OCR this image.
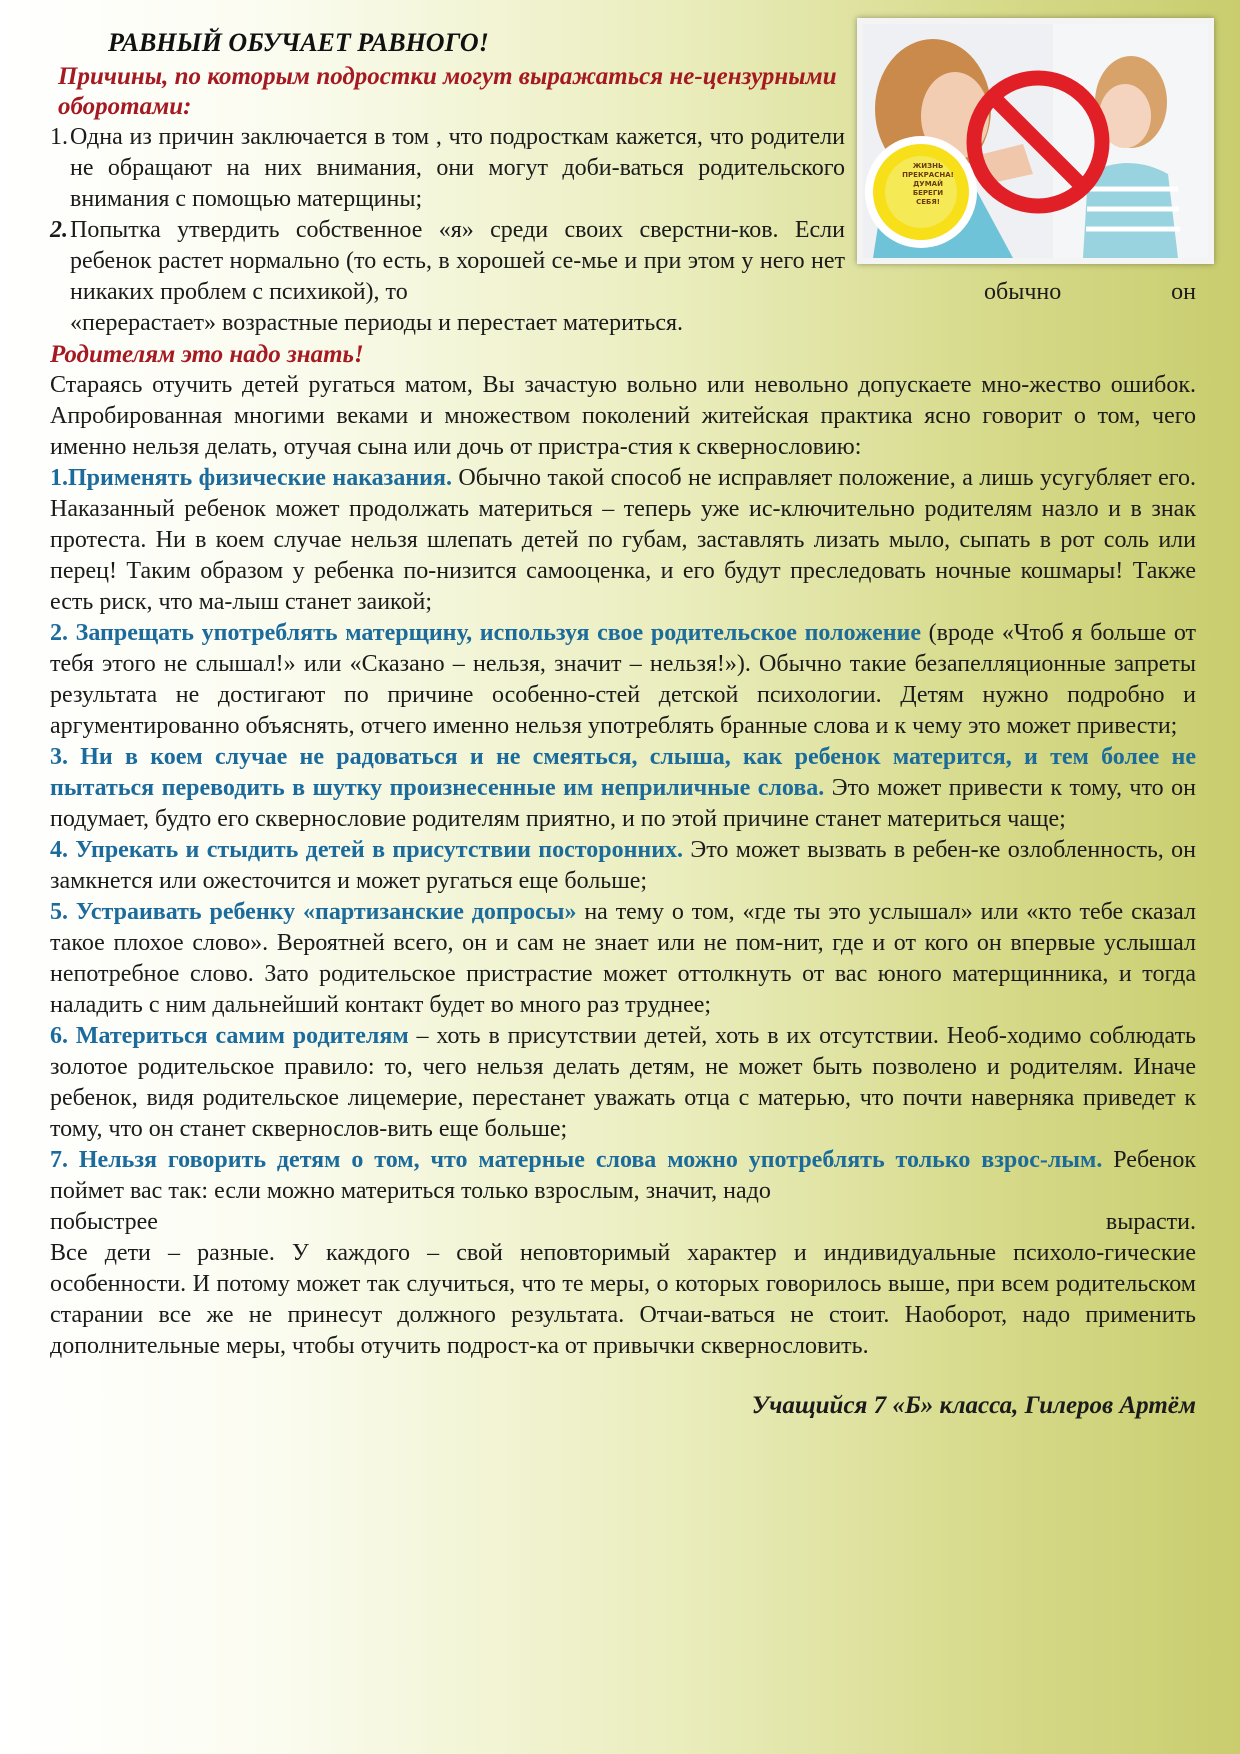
ЖИЗНЬ
ПРЕКРАСНА!
ДУМАЙ
БЕРЕГИ
СЕБЯ!
РАВНЫЙ ОБУЧАЕТ РАВНОГО!

Причины, по которым подростки могут выражаться не-цензурными оборотами:

1. Одна из причин заключается в том , что подросткам кажется, что родители не обращают на них внимания, они могут доби-ваться родительского внимания с помощью матерщины;
2. Попытка утвердить собственное «я» среди своих сверстни-ков. Если ребенок растет нормально (то есть, в хорошей се-мье и при этом у него нет никаких проблем с психикой), то	обычно	он

«перерастает» возрастные периоды и перестает материться.

Родителям это надо знать!

Стараясь отучить детей ругаться матом, Вы зачастую вольно или невольно допускаете мно-жество ошибок. Апробированная многими веками и множеством поколений житейская практика ясно говорит о том, чего именно нельзя делать, отучая сына или дочь от пристра-стия к сквернословию:

1.Применять физические наказания. Обычно такой способ не исправляет положение, а лишь усугубляет его. Наказанный ребенок может продолжать материться – теперь уже ис-ключительно родителям назло и в знак протеста. Ни в коем случае нельзя шлепать детей по губам, заставлять лизать мыло, сыпать в рот соль или перец! Таким образом у ребенка по-низится самооценка, и его будут преследовать ночные кошмары! Также есть риск, что ма-лыш станет заикой;

2. Запрещать употреблять матерщину, используя свое родительское положение (вроде «Чтоб я больше от тебя этого не слышал!» или «Сказано – нельзя, значит – нельзя!»). Обычно такие безапелляционные запреты результата не достигают по причине особенно-стей детской психологии. Детям нужно подробно и аргументированно объяснять, отчего именно нельзя употреблять бранные слова и к чему это может привести;

3. Ни в коем случае не радоваться и не смеяться, слыша, как ребенок матерится, и тем более не пытаться переводить в шутку произнесенные им неприличные слова. Это может привести к тому, что он подумает, будто его сквернословие родителям приятно, и по этой причине станет материться чаще;

4. Упрекать и стыдить детей в присутствии посторонних. Это может вызвать в ребен-ке озлобленность, он замкнется или ожесточится и может ругаться еще больше;

5. Устраивать ребенку «партизанские допросы» на тему о том, «где ты это услышал» или «кто тебе сказал такое плохое слово». Вероятней всего, он и сам не знает или не пом-нит, где и от кого он впервые услышал непотребное слово. Зато родительское пристрастие может оттолкнуть от вас юного матерщинника, и тогда наладить с ним дальнейший контакт будет во много раз труднее;

6. Материться самим родителям – хоть в присутствии детей, хоть в их отсутствии. Необ-ходимо соблюдать золотое родительское правило: то, чего нельзя делать детям, не может быть позволено и родителям. Иначе ребенок, видя родительское лицемерие, перестанет уважать отца с матерью, что почти наверняка приведет к тому, что он станет сквернослов-вить еще больше;

7. Нельзя говорить детям о том, что матерные слова можно употреблять только взрос-лым. Ребенок поймет вас так: если можно материться только взрослым, значит, надо

побыстрее	вырасти.

Все дети – разные. У каждого – свой неповторимый характер и индивидуальные психоло-гические особенности. И потому может так случиться, что те меры, о которых говорилось выше, при всем родительском старании все же не принесут должного результата. Отчаи-ваться не стоит. Наоборот, надо применить дополнительные меры, чтобы отучить подрост-ка от привычки сквернословить.

Учащийся 7 «Б» класса, Гилеров Артём
